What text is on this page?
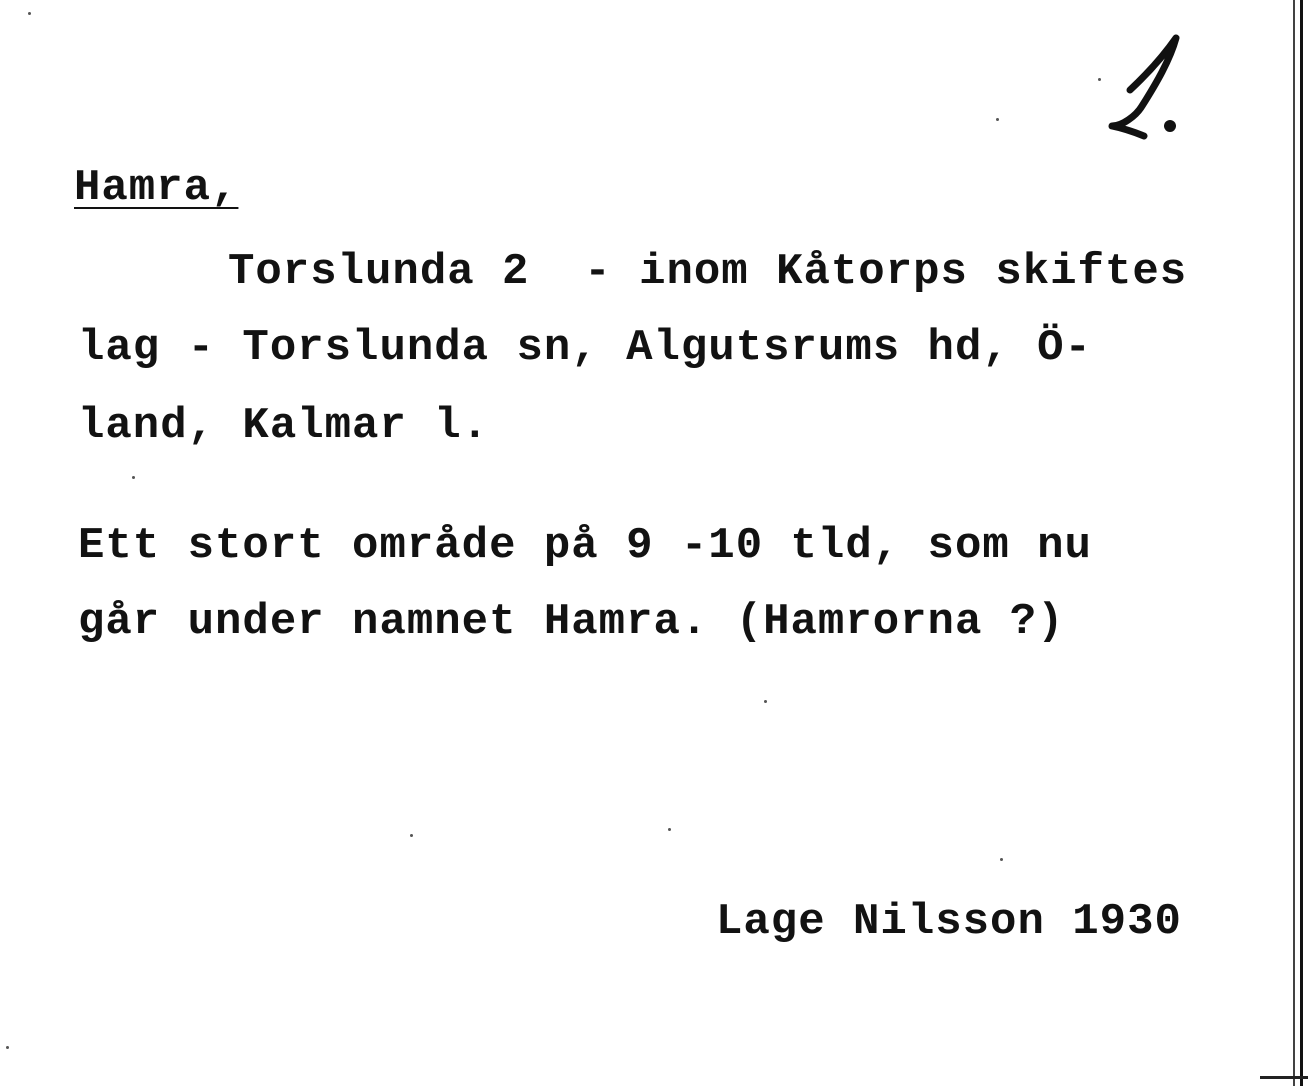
Hamra,

Torslunda 2  - inom Kåtorps skiftes

lag - Torslunda sn, Algutsrums hd, Ö-

land, Kalmar l.

Ett stort område på 9 -10 tld, som nu

går under namnet Hamra. (Hamrorna ?)

Lage Nilsson 1930
